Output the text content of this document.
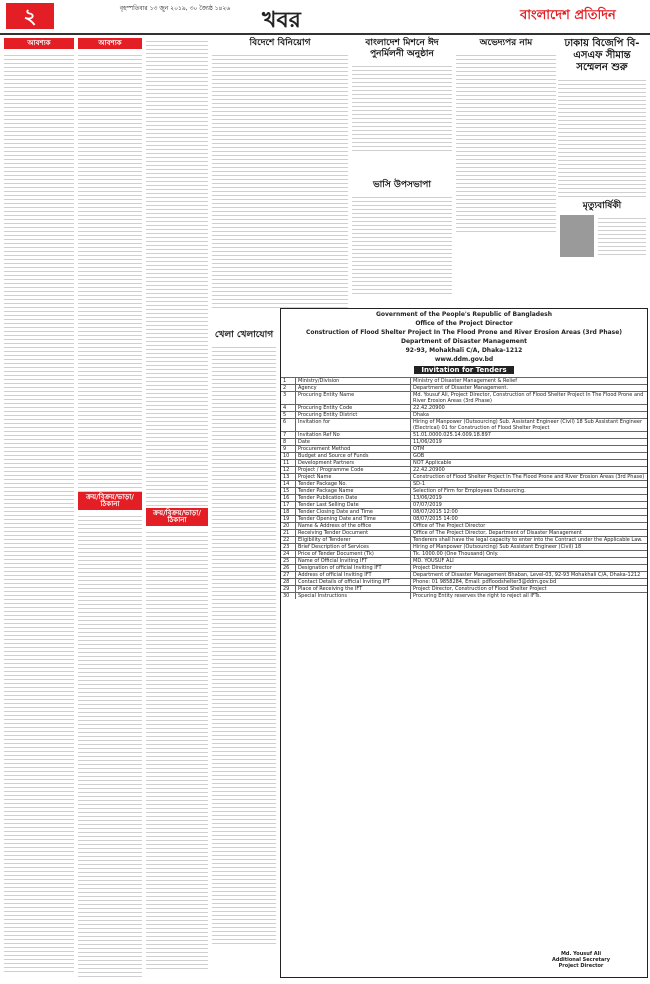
২	বৃহস্পতিবার ১৩ জুন ২০১৯, ৩০ জ্যৈষ্ঠ ১৪২৬	খবর	বাংলাদেশ প্রতিদিন
আবশ্যক	আবশ্যক
ক্রয়/বিক্রয়/ভাড়া/ঠিকানা
ক্রয়/বিক্রয়/ভাড়া/ঠিকানা
বিদেশে বিনিয়োগ	বাংলাদেশ মিশনে ঈদ পুনর্মিলনী অনুষ্ঠান
অভেদ্যপর নাম	ঢাকায় বিজেপি বি-এসএফ সীমান্ত সম্মেলন শুরু
মৃত্যুবার্ষিকী
ভাসি উপসভাপা
খেলা খেলাযোগ
Government of the People's Republic of Bangladesh
Office of the Project Director
Construction of Flood Shelter Project In The Flood Prone and River Erosion Areas (3rd Phase)
Department of Disaster Management
92-93, Mohakhali C/A, Dhaka-1212
www.ddm.gov.bd
Invitation for Tenders
1	Ministry/Division	Ministry of Disaster Management & Relief
2	Agency	Department of Disaster Management.
3	Procuring Entity Name	Md. Yousuf Ali, Project Director, Construction of Flood Shelter Project In The Flood Prone and River Erosion Areas (3rd Phase)
4	Procuring Entity Code	22.42.20900
5	Procuring Entity District	Dhaka
6	Invitation for	Hiring of Manpower (Outsourcing) Sub. Assistant Engineer (Civil) 18 Sub Assistant Engineer (Electrical) 01 for Construction of Flood Shelter Project
7	Invitation Ref No	51.01.0000.025.14.009.18.897
8	Date	11/06/2019
9	Procurement Method	OTM
10	Budget and Source of Funds	GOB
11	Development Partners	NOT Applicable
12	Project / Programme Code	22.42.20900
13	Project Name	Construction of Flood Shelter Project In The Flood Prone and River Erosion Areas (3rd Phase)
14	Tender Package No.	SD-1
15	Tender Package Name	Selection of Firm for Employees Outsourcing.
16	Tender Publication Date	13/06/2019
17	Tender Last Selling Date	07/07/2019
18	Tender Closing Date and Time	08/07/2015 12:00
19	Tender Opening Date and Time	08/07/2015 14:00
20	Name & Address of the office	Office of The Project Director
21	Receiving Tender Document	Office of The Project Director, Department of Disaster Management
22	Eligibility of Tenderer	Tenderers shall have the legal capacity to enter into the Contract under the Applicable Law.
23	Brief Description of Services	Hiring of Manpower (Outsourcing) Sub Assistant Engineer (Civil) 18
24	Price of Tender Document (Tk)	Tk. 1000.00 (One Thousand) Only.
25	Name of Official Inviting IFT	MD. YOUSUF ALI
26	Designation of official Inviting IFT	Project Director
27	Address of official Inviting IFT	Department of Disaster Management Bhaban, Level-03, 92-93 Mohakhali C/A, Dhaka-1212
28	Contact Details of official Inviting IFT	Phone: 01 9858284, Email: pdfloodshelter3@ddm.gov.bd
29	Place of Receiving the IFT	Project Director, Construction of Flood Shelter Project
30	Special Instructions	Procuring Entity reserves the right to reject all IFTs.
Md. Yousuf Ali
Additional Secretary
Project Director
